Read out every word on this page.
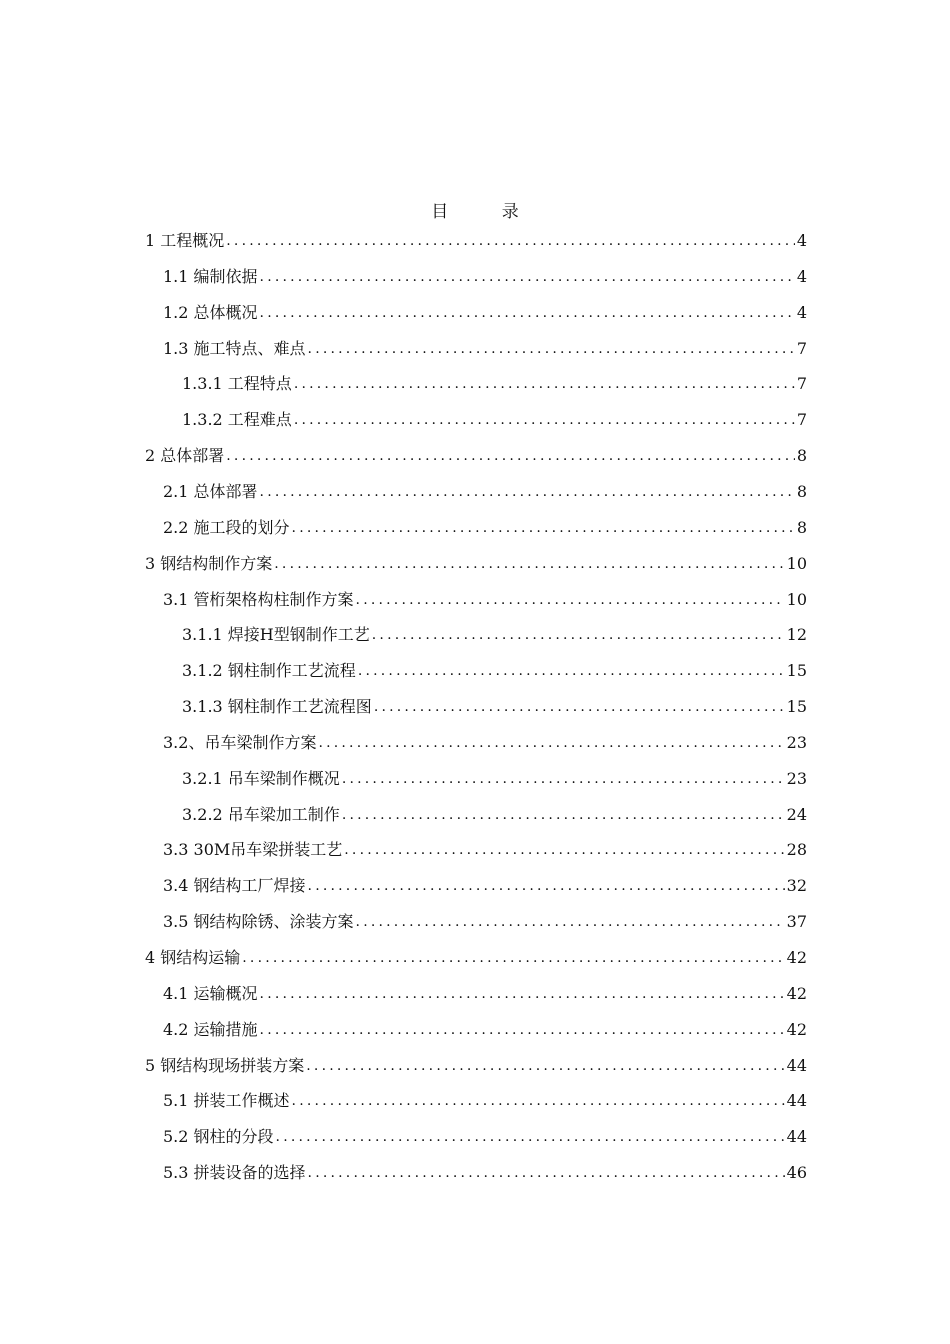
目 录
1 工程概况 .....	4
1.1 编制依据 .....	4
1.2 总体概况 .....	4
1.3 施工特点、难点 .....	7
1.3.1 工程特点 .....	7
1.3.2 工程难点 .....	7
2 总体部署 .....	8
2.1 总体部署 .....	8
2.2 施工段的划分 .....	8
3 钢结构制作方案 .....	10
3.1 管桁架格构柱制作方案 .....	10
3.1.1 焊接H型钢制作工艺 .....	12
3.1.2 钢柱制作工艺流程 .....	15
3.1.3 钢柱制作工艺流程图 .....	15
3.2、吊车梁制作方案 .....	23
3.2.1 吊车梁制作概况 .....	23
3.2.2 吊车梁加工制作 .....	24
3.3 30M吊车梁拼装工艺 .....	28
3.4 钢结构工厂焊接 .....	32
3.5 钢结构除锈、涂装方案 .....	37
4 钢结构运输 .....	42
4.1 运输概况 .....	42
4.2 运输措施 .....	42
5 钢结构现场拼装方案 .....	44
5.1 拼装工作概述 .....	44
5.2 钢柱的分段 .....	44
5.3 拼装设备的选择 .....	46
